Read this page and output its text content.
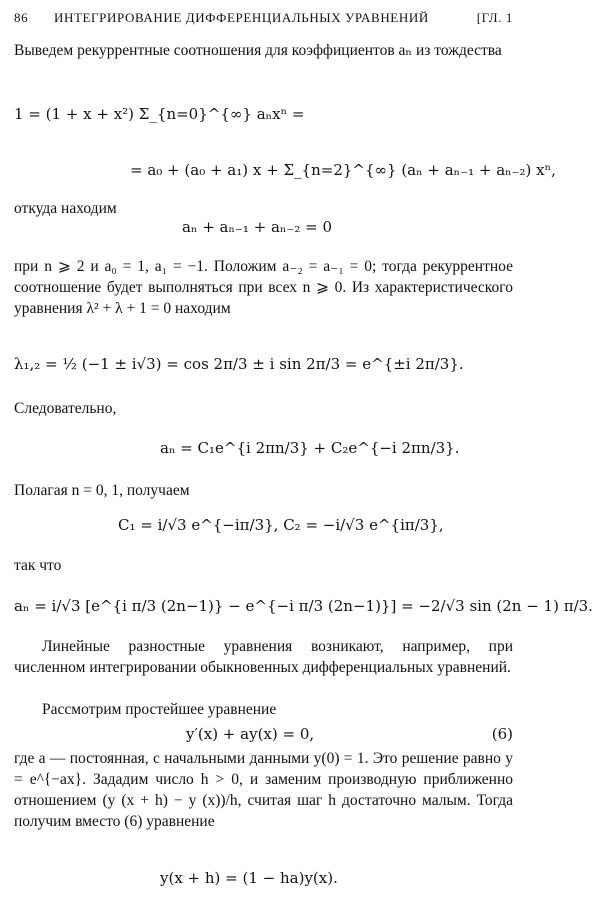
86 ИНТЕГРИРОВАНИЕ ДИФФЕРЕНЦИАЛЬНЫХ УРАВНЕНИЙ	[ГЛ. 1
Выведем рекуррентные соотношения для коэффициентов aₙ из тождества
1 = (1 + x + x²) Σ_{n=0}^{∞} aₙxⁿ =
= a₀ + (a₀ + a₁) x + Σ_{n=2}^{∞} (aₙ + aₙ₋₁ + aₙ₋₂) xⁿ,
откуда находим
aₙ + aₙ₋₁ + aₙ₋₂ = 0
при n ⩾ 2 и a₀ = 1, a₁ = −1. Положим a₋₂ = a₋₁ = 0; тогда рекуррентное соотношение будет выполняться при всех n ⩾ 0. Из характеристического уравнения λ² + λ + 1 = 0 находим
λ₁,₂ = ½ (−1 ± i√3) = cos 2π/3 ± i sin 2π/3 = e^{±i 2π/3}.
Следовательно,
aₙ = C₁e^{i 2πn/3} + C₂e^{−i 2πn/3}.
Полагая n = 0, 1, получаем
C₁ = i/√3 e^{−iπ/3}, C₂ = −i/√3 e^{iπ/3},
так что
aₙ = i/√3 [e^{i π/3 (2n−1)} − e^{−i π/3 (2n−1)}] = −2/√3 sin (2n − 1) π/3.
Линейные разностные уравнения возникают, например, при численном интегрировании обыкновенных дифференциальных уравнений.
Рассмотрим простейшее уравнение
y′(x) + ay(x) = 0,	(6)
где a — постоянная, с начальными данными y(0) = 1. Это решение равно y = e^{−ax}. Зададим число h > 0, и заменим производную приближенно отношением (y (x + h) − y (x))/h, считая шаг h достаточно малым. Тогда получим вместо (6) уравнение
y(x + h) = (1 − ha)y(x).
